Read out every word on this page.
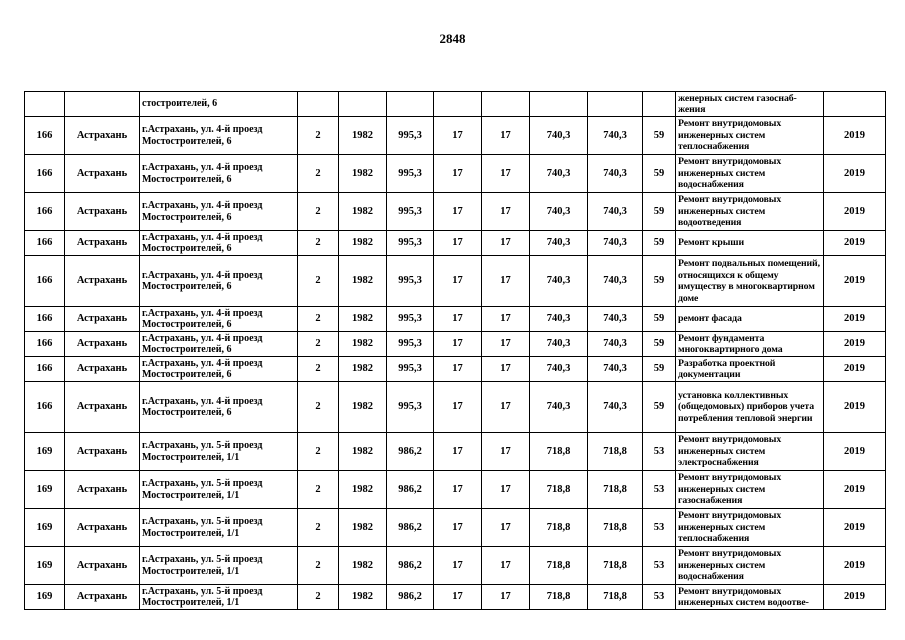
2848
		стостроителей, 6									женерных систем газоснаб-жения	
166	Астрахань	г.Астрахань, ул. 4-й проезд Мостостроителей, 6	2	1982	995,3	17	17	740,3	740,3	59	Ремонт внутридомовых инженерных систем теплоснабжения	2019
166	Астрахань	г.Астрахань, ул. 4-й проезд Мостостроителей, 6	2	1982	995,3	17	17	740,3	740,3	59	Ремонт внутридомовых инженерных систем водоснабжения	2019
166	Астрахань	г.Астрахань, ул. 4-й проезд Мостостроителей, 6	2	1982	995,3	17	17	740,3	740,3	59	Ремонт внутридомовых инженерных систем водоотведения	2019
166	Астрахань	г.Астрахань, ул. 4-й проезд Мостостроителей, 6	2	1982	995,3	17	17	740,3	740,3	59	Ремонт крыши	2019
166	Астрахань	г.Астрахань, ул. 4-й проезд Мостостроителей, 6	2	1982	995,3	17	17	740,3	740,3	59	Ремонт подвальных помещений, относящихся к общему имуществу в многоквартирном доме	2019
166	Астрахань	г.Астрахань, ул. 4-й проезд Мостостроителей, 6	2	1982	995,3	17	17	740,3	740,3	59	ремонт фасада	2019
166	Астрахань	г.Астрахань, ул. 4-й проезд Мостостроителей, 6	2	1982	995,3	17	17	740,3	740,3	59	Ремонт фундамента многоквартирного дома	2019
166	Астрахань	г.Астрахань, ул. 4-й проезд Мостостроителей, 6	2	1982	995,3	17	17	740,3	740,3	59	Разработка проектной документации	2019
166	Астрахань	г.Астрахань, ул. 4-й проезд Мостостроителей, 6	2	1982	995,3	17	17	740,3	740,3	59	установка коллективных (общедомовых) приборов учета потребления тепловой энергии	2019
169	Астрахань	г.Астрахань, ул. 5-й проезд Мостостроителей, 1/1	2	1982	986,2	17	17	718,8	718,8	53	Ремонт внутридомовых инженерных систем электроснабжения	2019
169	Астрахань	г.Астрахань, ул. 5-й проезд Мостостроителей, 1/1	2	1982	986,2	17	17	718,8	718,8	53	Ремонт внутридомовых инженерных систем газоснабжения	2019
169	Астрахань	г.Астрахань, ул. 5-й проезд Мостостроителей, 1/1	2	1982	986,2	17	17	718,8	718,8	53	Ремонт внутридомовых инженерных систем теплоснабжения	2019
169	Астрахань	г.Астрахань, ул. 5-й проезд Мостостроителей, 1/1	2	1982	986,2	17	17	718,8	718,8	53	Ремонт внутридомовых инженерных систем водоснабжения	2019
169	Астрахань	г.Астрахань, ул. 5-й проезд Мостостроителей, 1/1	2	1982	986,2	17	17	718,8	718,8	53	Ремонт внутридомовых инженерных систем водоотве-	2019
